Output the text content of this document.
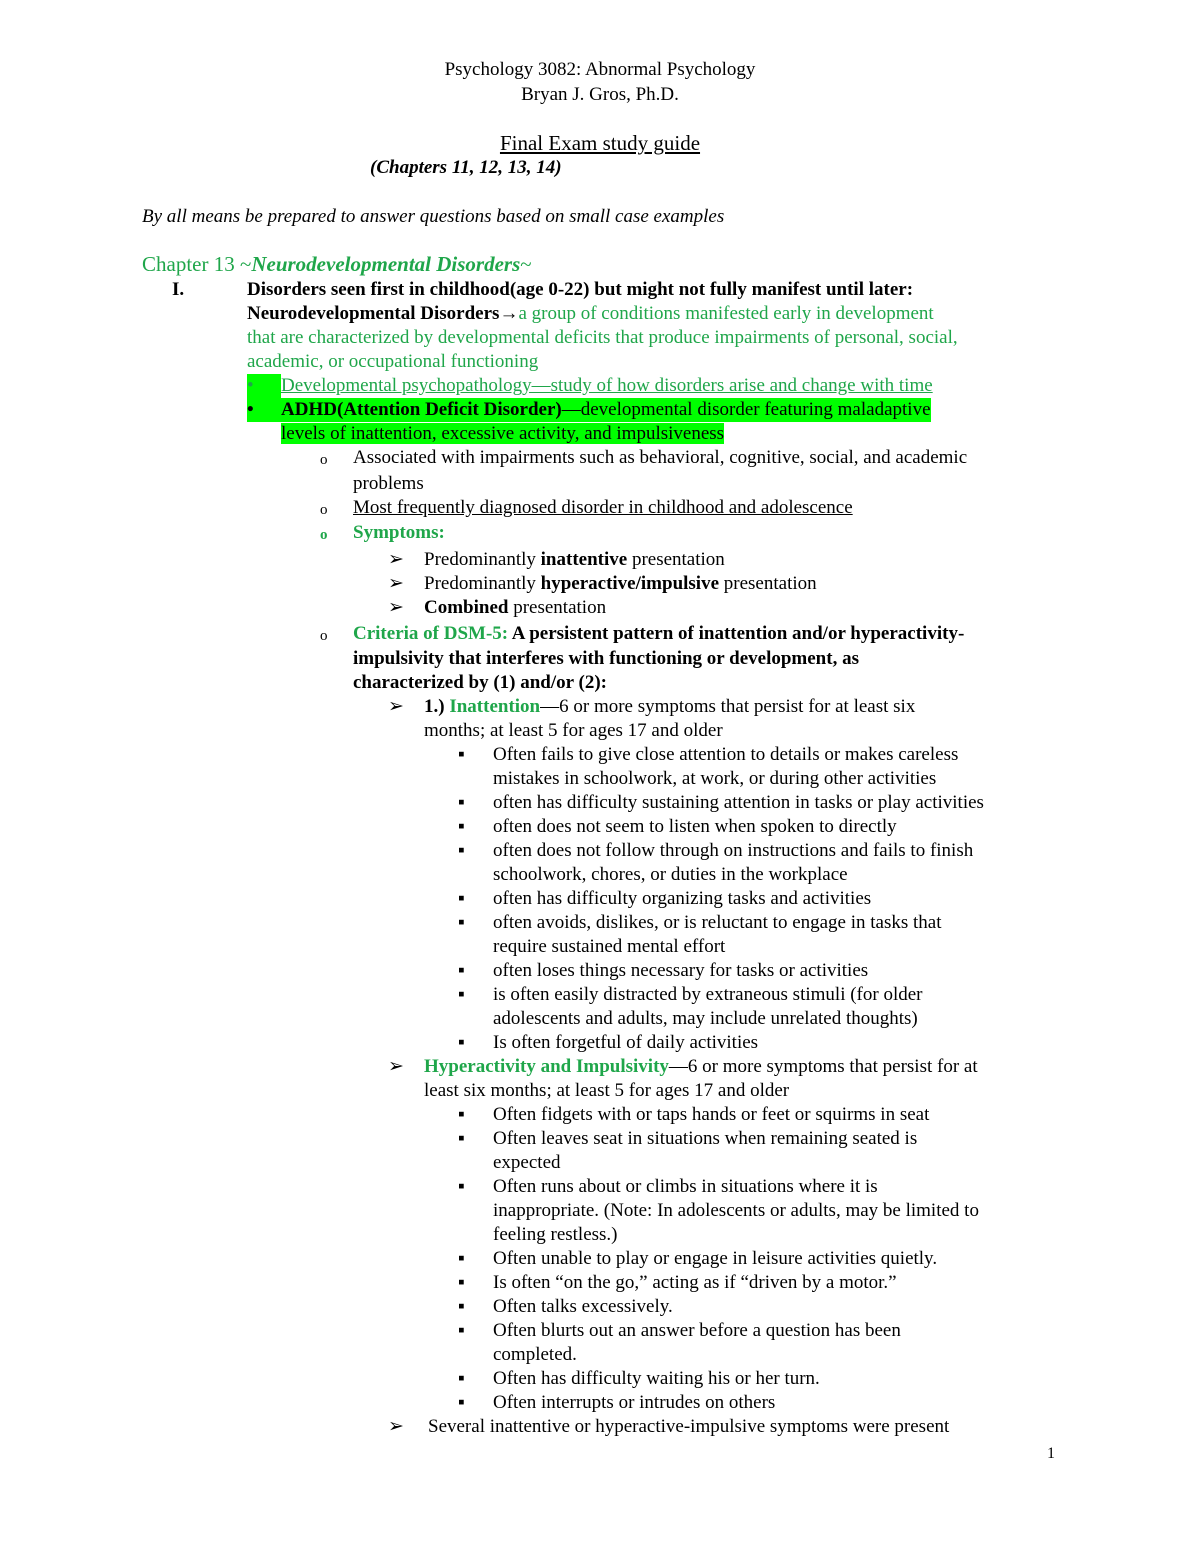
Psychology 3082: Abnormal Psychology
Bryan J. Gros, Ph.D.
Final Exam study guide
(Chapters 11, 12, 13, 14)
By all means be prepared to answer questions based on small case examples
Chapter 13 ~Neurodevelopmental Disorders~
I.	Disorders seen first in childhood(age 0-22) but might not fully manifest until later:
Neurodevelopmental Disorders→a group of conditions manifested early in development
that are characterized by developmental deficits that produce impairments of personal, social,
academic, or occupational functioning
• Developmental psychopathology—study of how disorders arise and change with time
• ADHD(Attention Deficit Disorder)—developmental disorder featuring maladaptive
levels of inattention, excessive activity, and impulsiveness
o Associated with impairments such as behavioral, cognitive, social, and academic
problems
o Most frequently diagnosed disorder in childhood and adolescence
o Symptoms:
➢ Predominantly inattentive presentation
➢ Predominantly hyperactive/impulsive presentation
➢ Combined presentation
o Criteria of DSM-5: A persistent pattern of inattention and/or hyperactivity-
impulsivity that interferes with functioning or development, as
characterized by (1) and/or (2):
➢ 1.) Inattention—6 or more symptoms that persist for at least six
months; at least 5 for ages 17 and older
▪ Often fails to give close attention to details or makes careless
mistakes in schoolwork, at work, or during other activities
▪ often has difficulty sustaining attention in tasks or play activities
▪ often does not seem to listen when spoken to directly
▪ often does not follow through on instructions and fails to finish
schoolwork, chores, or duties in the workplace
▪ often has difficulty organizing tasks and activities
▪ often avoids, dislikes, or is reluctant to engage in tasks that
require sustained mental effort
▪ often loses things necessary for tasks or activities
▪ is often easily distracted by extraneous stimuli (for older
adolescents and adults, may include unrelated thoughts)
▪ Is often forgetful of daily activities
➢ Hyperactivity and Impulsivity—6 or more symptoms that persist for at
least six months; at least 5 for ages 17 and older
▪ Often fidgets with or taps hands or feet or squirms in seat
▪ Often leaves seat in situations when remaining seated is
expected
▪ Often runs about or climbs in situations where it is
inappropriate. (Note: In adolescents or adults, may be limited to
feeling restless.)
▪ Often unable to play or engage in leisure activities quietly.
▪ Is often “on the go,” acting as if “driven by a motor.”
▪ Often talks excessively.
▪ Often blurts out an answer before a question has been
completed.
▪ Often has difficulty waiting his or her turn.
▪ Often interrupts or intrudes on others
➢ Several inattentive or hyperactive-impulsive symptoms were present
1
